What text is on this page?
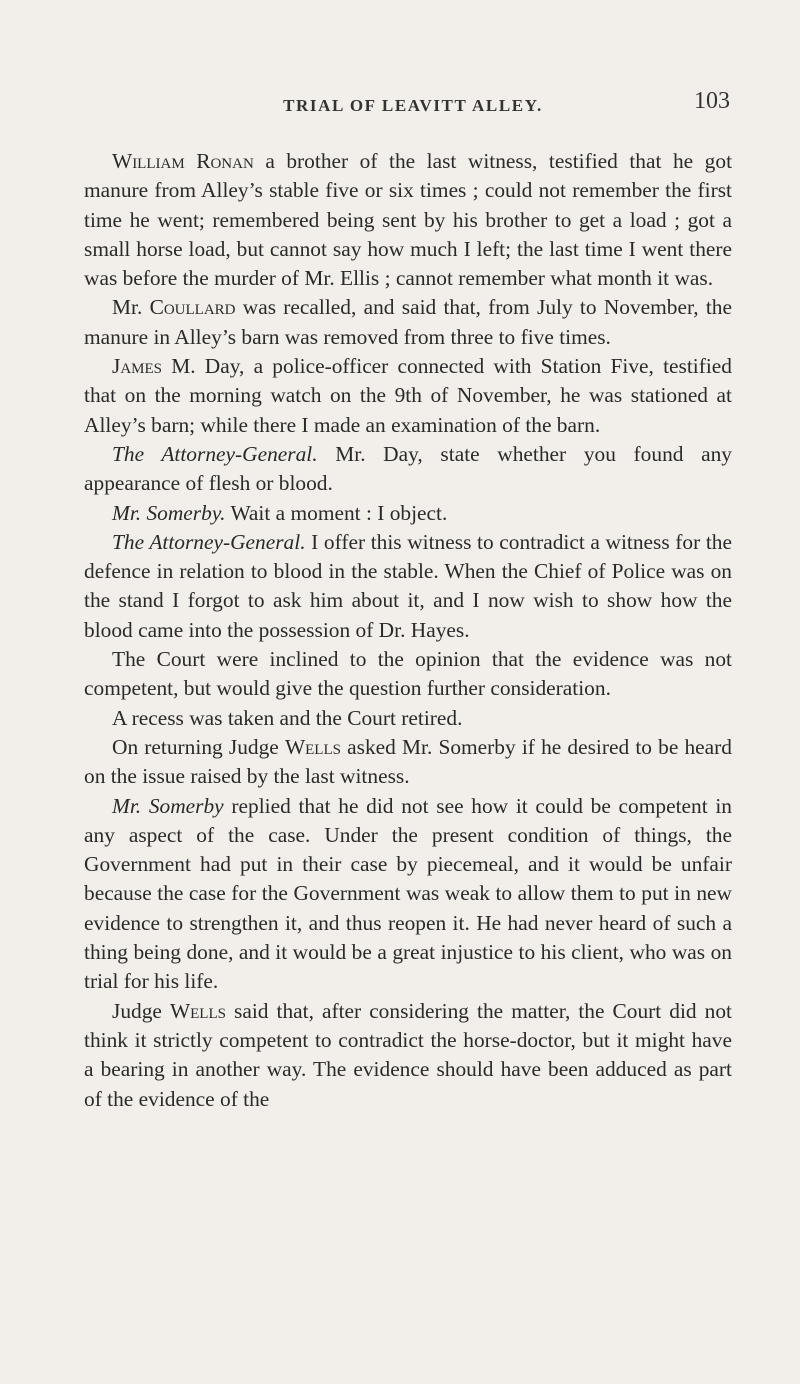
TRIAL OF LEAVITT ALLEY.	103

William Ronan a brother of the last witness, testified that he got manure from Alley’s stable five or six times ; could not remember the first time he went; remembered being sent by his brother to get a load ; got a small horse load, but cannot say how much I left; the last time I went there was before the murder of Mr. Ellis ; cannot remember what month it was.

Mr. Coullard was recalled, and said that, from July to November, the manure in Alley’s barn was removed from three to five times.

James M. Day, a police-officer connected with Station Five, testified that on the morning watch on the 9th of November, he was stationed at Alley’s barn; while there I made an examination of the barn.

The Attorney-General. Mr. Day, state whether you found any appearance of flesh or blood.

Mr. Somerby. Wait a moment : I object.

The Attorney-General. I offer this witness to contradict a witness for the defence in relation to blood in the stable. When the Chief of Police was on the stand I forgot to ask him about it, and I now wish to show how the blood came into the possession of Dr. Hayes.

The Court were inclined to the opinion that the evidence was not competent, but would give the question further consideration.

A recess was taken and the Court retired.

On returning Judge Wells asked Mr. Somerby if he desired to be heard on the issue raised by the last witness.

Mr. Somerby replied that he did not see how it could be competent in any aspect of the case. Under the present condition of things, the Government had put in their case by piecemeal, and it would be unfair because the case for the Government was weak to allow them to put in new evidence to strengthen it, and thus reopen it. He had never heard of such a thing being done, and it would be a great injustice to his client, who was on trial for his life.

Judge Wells said that, after considering the matter, the Court did not think it strictly competent to contradict the horse-doctor, but it might have a bearing in another way. The evidence should have been adduced as part of the evidence of the
